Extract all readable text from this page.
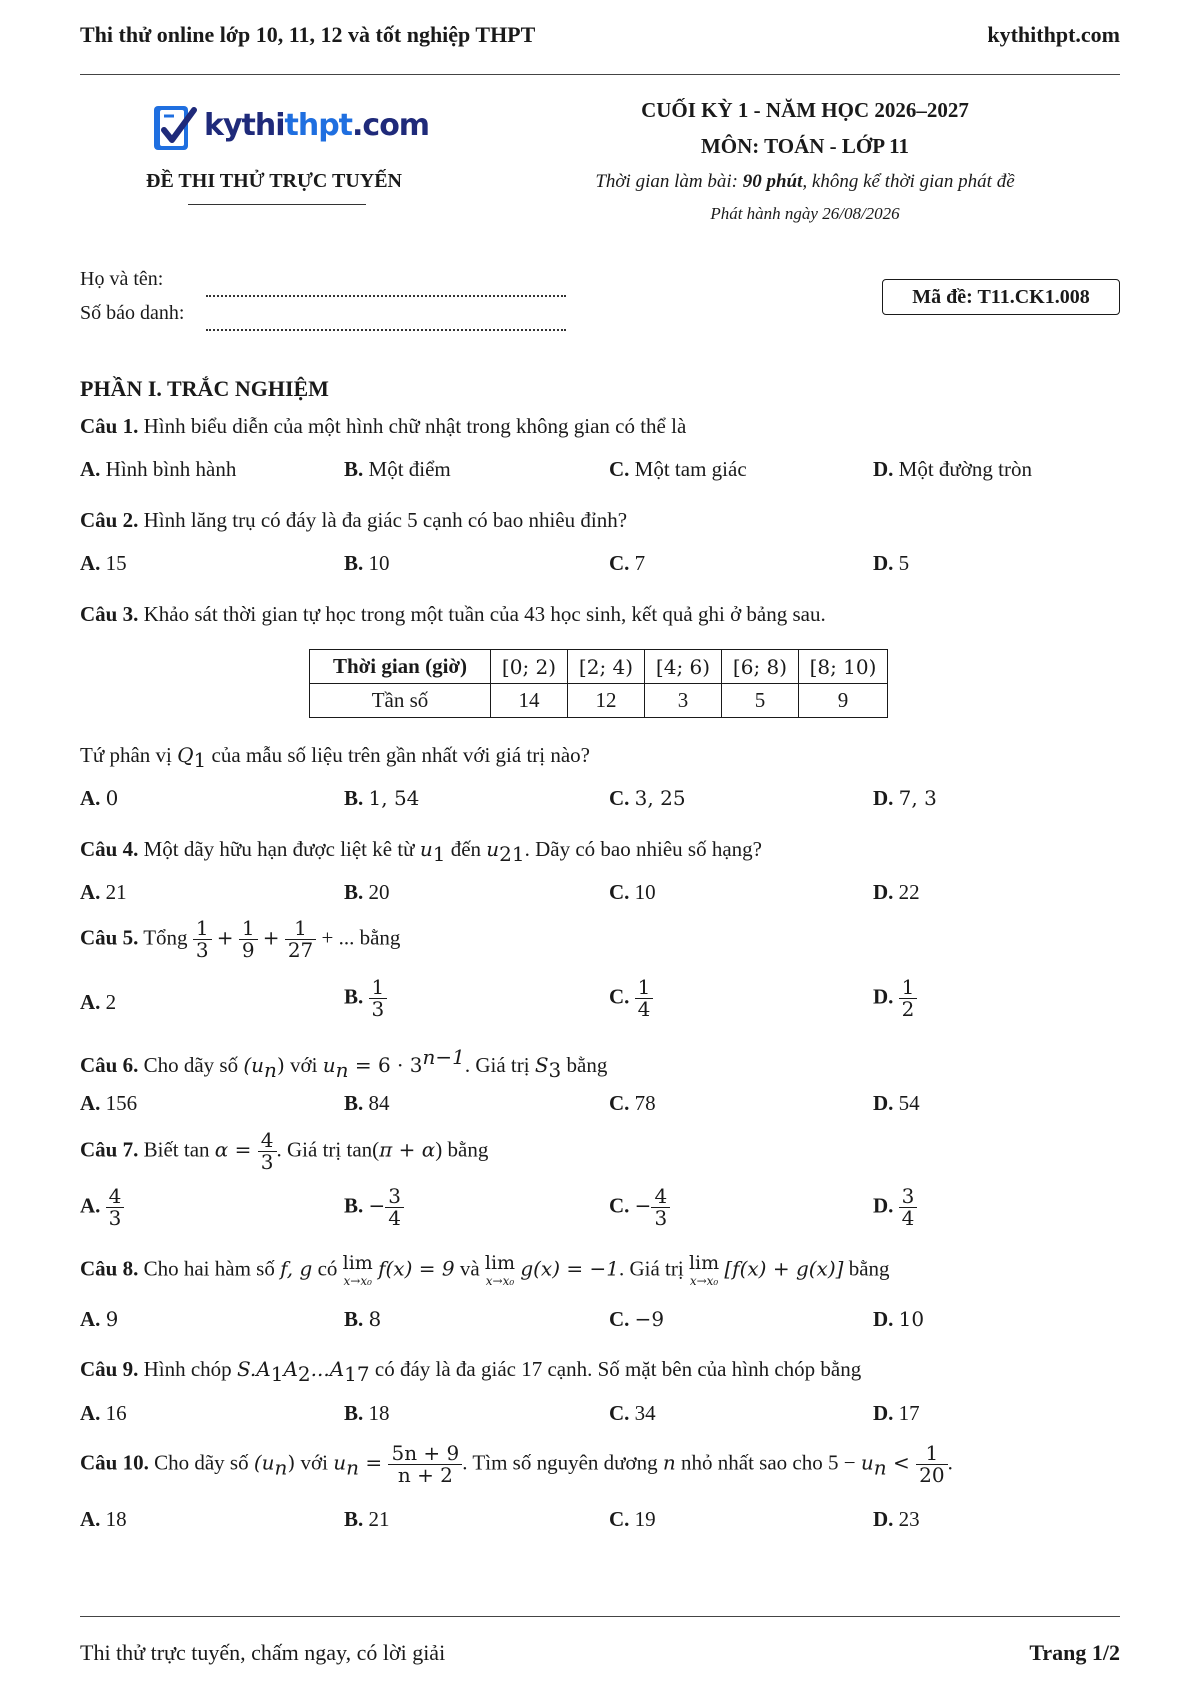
Thi thử online lớp 10, 11, 12 và tốt nghiệp THPT	kythithpt.com
kythithpt.com
ĐỀ THI THỬ TRỰC TUYẾN
CUỐI KỲ 1 - NĂM HỌC 2026–2027
MÔN: TOÁN - LỚP 11
Thời gian làm bài: 90 phút, không kể thời gian phát đề
Phát hành ngày 26/08/2026
Họ và tên:
Số báo danh:
Mã đề: T11.CK1.008
PHẦN I. TRẮC NGHIỆM
Câu 1. Hình biểu diễn của một hình chữ nhật trong không gian có thể là
A. Hình bình hành	B. Một điểm	C. Một tam giác	D. Một đường tròn
Câu 2. Hình lăng trụ có đáy là đa giác 5 cạnh có bao nhiêu đỉnh?
A. 15	B. 10	C. 7	D. 5
Câu 3. Khảo sát thời gian tự học trong một tuần của 43 học sinh, kết quả ghi ở bảng sau.
Thời gian (giờ)	[0; 2)	[2; 4)	[4; 6)	[6; 8)	[8; 10)
Tần số	14	12	3	5	9
Tứ phân vị $Q_1$ của mẫu số liệu trên gần nhất với giá trị nào?
A. 0	B. 1, 54	C. 3, 25	D. 7, 3
Câu 4. Một dãy hữu hạn được liệt kê từ $u_1$ đến $u_{21}$. Dãy có bao nhiêu số hạng?
A. 21	B. 20	C. 10	D. 22
Câu 5. Tổng $\frac{1}{3} + \frac{1}{9} + \frac{1}{27}$ + ... bằng
A. 2	B. $\frac{1}{3}$	C. $\frac{1}{4}$	D. $\frac{1}{2}$
Câu 6. Cho dãy số $(u_n)$ với $u_n = 6 \cdot 3^{n-1}$. Giá trị $S_3$ bằng
A. 156	B. 84	C. 78	D. 54
Câu 7. Biết $\tan \alpha = \frac{4}{3}$ . Giá trị tan(π + α) bằng
A. $\frac{4}{3}$	B. − $\frac{3}{4}$	C. − $\frac{4}{3}$	D. $\frac{3}{4}$
Câu 8. Cho hai hàm số f, g có lim
x→x₀
f(x) = 9 và lim
x→x₀
g(x) = −1. Giá trị lim
x→x₀
[f(x) + g(x)] bằng
A. 9	B. 8	C. −9	D. 10
Câu 9. Hình chóp $S.A_1A_2...A_{17}$ có đáy là đa giác 17 cạnh. Số mặt bên của hình chóp bằng
A. 16	B. 18	C. 34	D. 17
Câu 10. Cho dãy số $(u_n)$ với $u_n = \frac{5n + 9}{n + 2}$ . Tìm số nguyên dương n nhỏ nhất sao cho $5 - u_n < \frac{1}{20}$ .
A. 18	B. 21	C. 19	D. 23
Thi thử trực tuyến, chấm ngay, có lời giải	Trang 1/2
